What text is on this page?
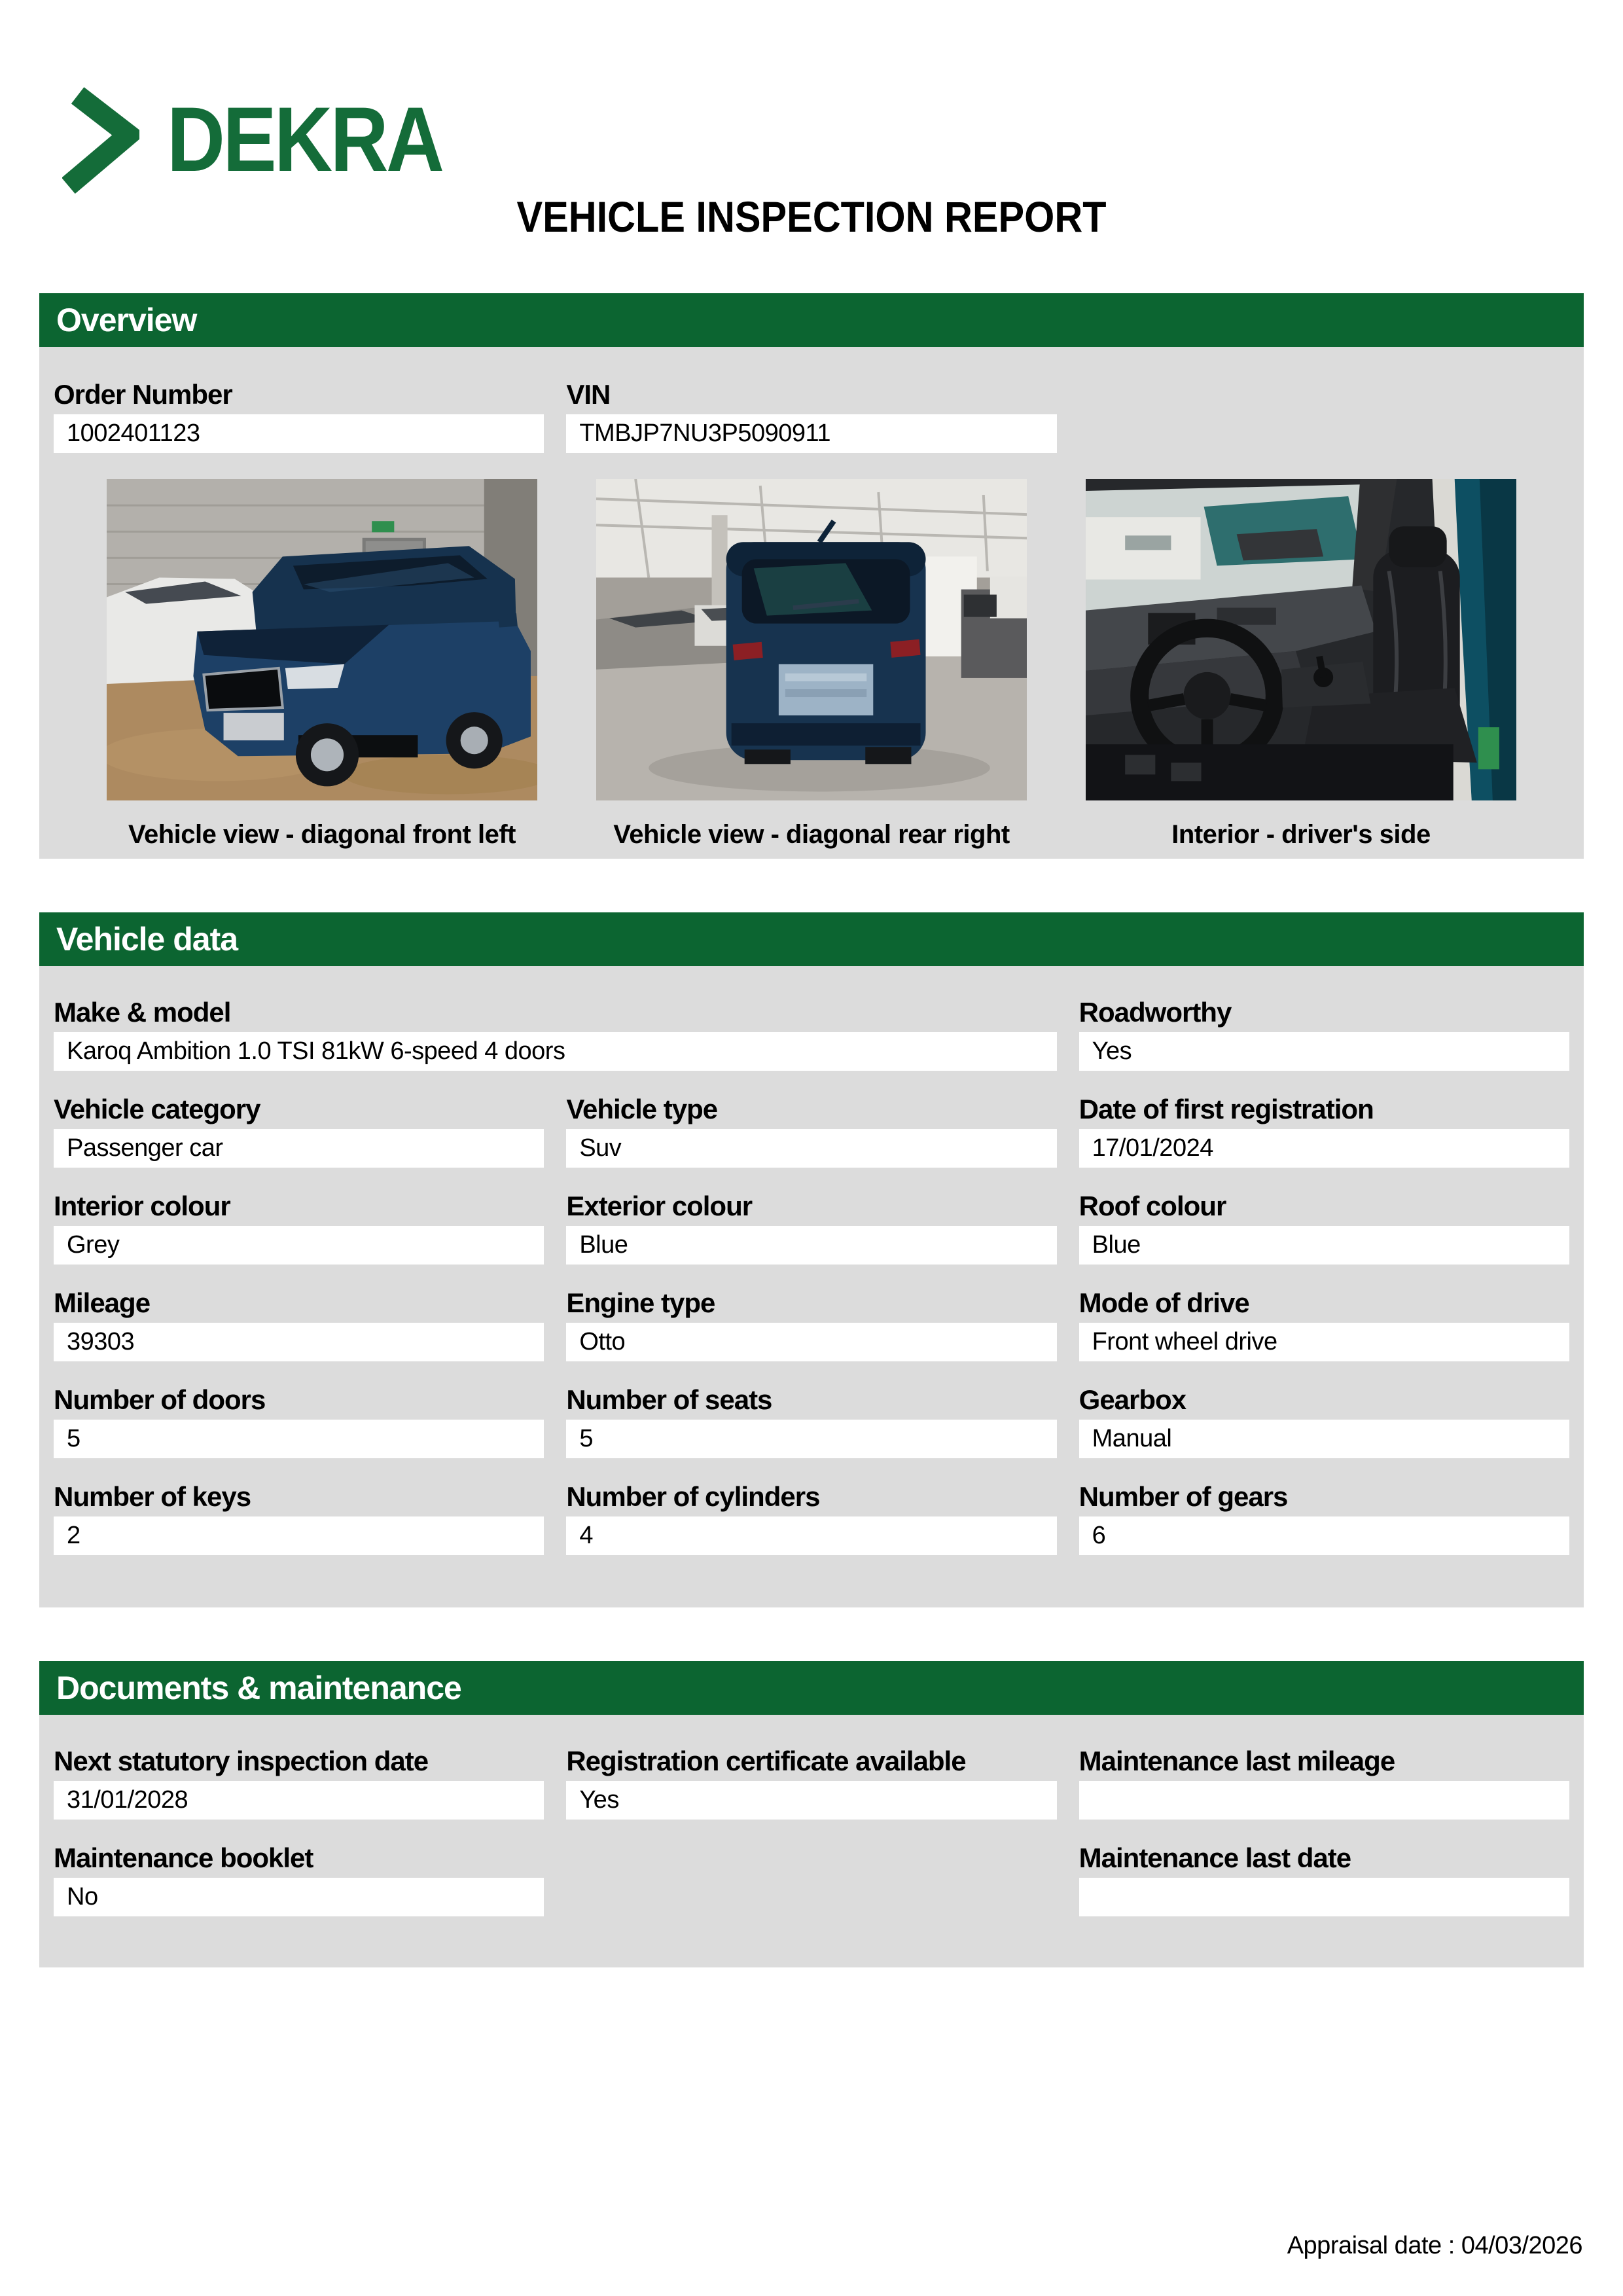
DEKRA
VEHICLE INSPECTION REPORT
Overview
Order Number
1002401123
VIN
TMBJP7NU3P5090911
Vehicle view - diagonal front left	Vehicle view - diagonal rear right	Interior - driver's side
Vehicle data
Make & model
Karoq Ambition 1.0 TSI 81kW 6-speed 4 doors
Roadworthy
Yes
Vehicle category
Passenger car
Vehicle type
Suv
Date of first registration
17/01/2024
Interior colour
Grey
Exterior colour
Blue
Roof colour
Blue
Mileage
39303
Engine type
Otto
Mode of drive
Front wheel drive
Number of doors
5
Number of seats
5
Gearbox
Manual
Number of keys
2
Number of cylinders
4
Number of gears
6
Documents & maintenance
Next statutory inspection date
31/01/2028
Registration certificate available
Yes
Maintenance last mileage
Maintenance booklet
No
Maintenance last date
Appraisal date : 04/03/2026
